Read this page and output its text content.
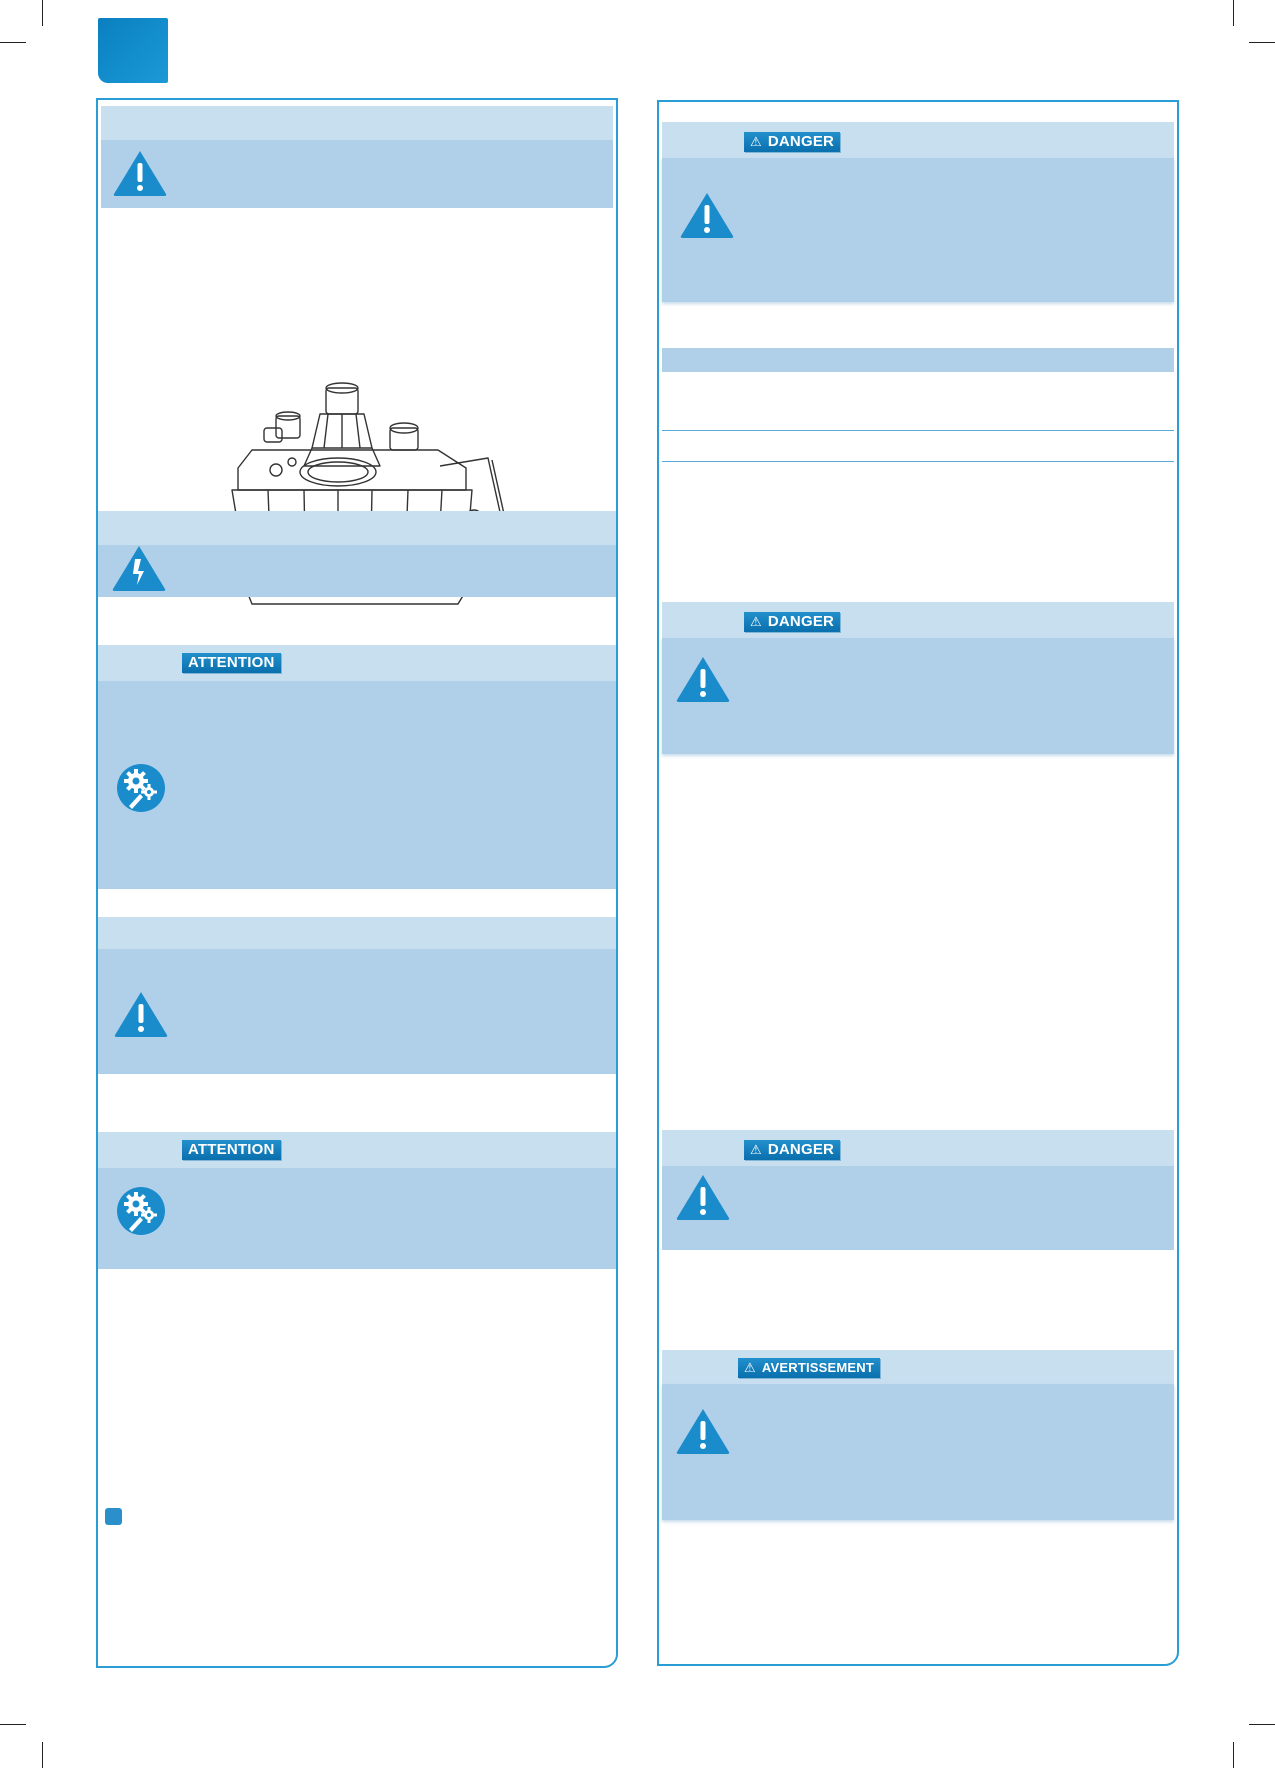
ATTENTION
ATTENTION
⚠ DANGER
⚠ DANGER
⚠ DANGER
⚠ AVERTISSEMENT
